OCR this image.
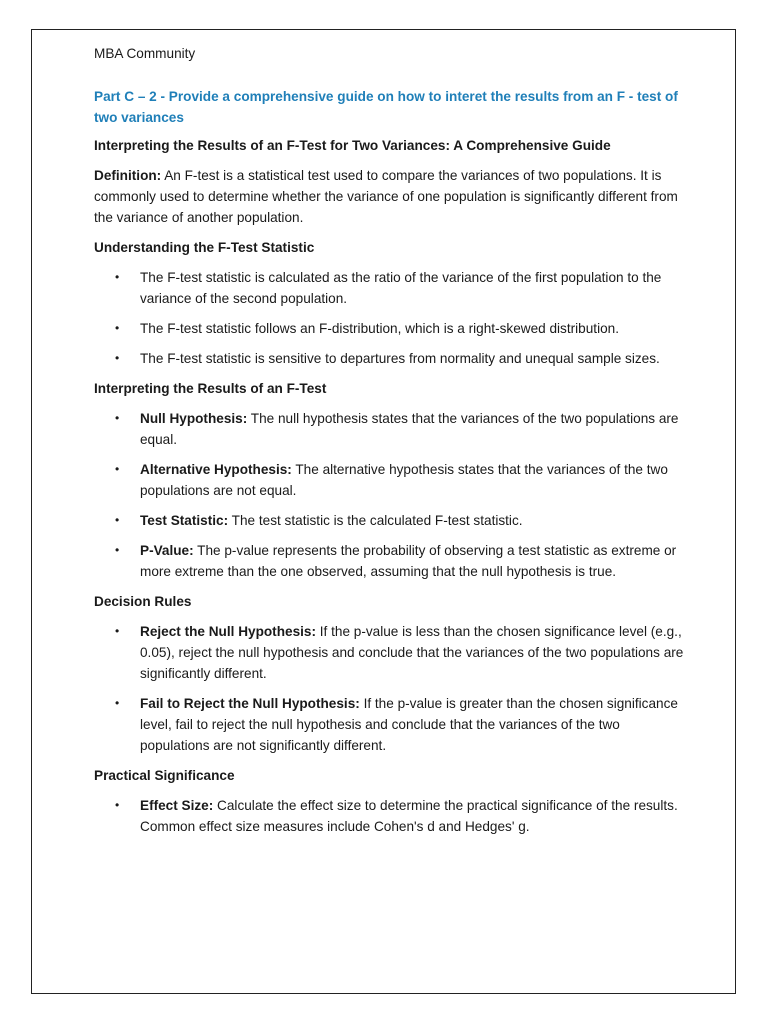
MBA Community

Part C – 2 - Provide a comprehensive guide on how to interet the results from an F - test of two variances

Interpreting the Results of an F-Test for Two Variances: A Comprehensive Guide

Definition: An F-test is a statistical test used to compare the variances of two populations. It is commonly used to determine whether the variance of one population is significantly different from the variance of another population.

Understanding the F-Test Statistic

• The F-test statistic is calculated as the ratio of the variance of the first population to the variance of the second population.
• The F-test statistic follows an F-distribution, which is a right-skewed distribution.
• The F-test statistic is sensitive to departures from normality and unequal sample sizes.

Interpreting the Results of an F-Test

• Null Hypothesis: The null hypothesis states that the variances of the two populations are equal.
• Alternative Hypothesis: The alternative hypothesis states that the variances of the two populations are not equal.
• Test Statistic: The test statistic is the calculated F-test statistic.
• P-Value: The p-value represents the probability of observing a test statistic as extreme or more extreme than the one observed, assuming that the null hypothesis is true.

Decision Rules

• Reject the Null Hypothesis: If the p-value is less than the chosen significance level (e.g., 0.05), reject the null hypothesis and conclude that the variances of the two populations are significantly different.
• Fail to Reject the Null Hypothesis: If the p-value is greater than the chosen significance level, fail to reject the null hypothesis and conclude that the variances of the two populations are not significantly different.

Practical Significance

• Effect Size: Calculate the effect size to determine the practical significance of the results. Common effect size measures include Cohen's d and Hedges' g.
